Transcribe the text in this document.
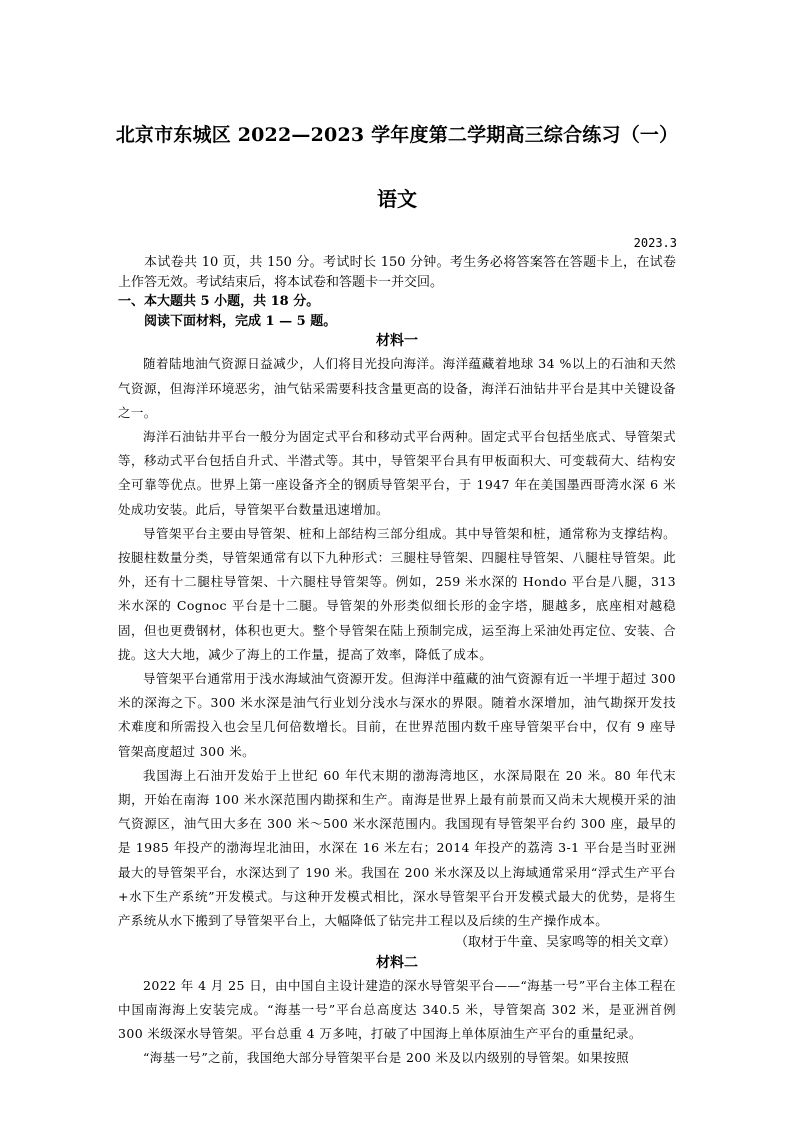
北京市东城区 2022—2023 学年度第二学期高三综合练习（一）
语文
2023.3

本试卷共 10 页，共 150 分。考试时长 150 分钟。考生务必将答案答在答题卡上，在试卷上作答无效。考试结束后，将本试卷和答题卡一并交回。

一、本大题共 5 小题，共 18 分。

阅读下面材料，完成 1 — 5 题。

材料一

随着陆地油气资源日益减少，人们将目光投向海洋。海洋蕴藏着地球 34 %以上的石油和天然气资源，但海洋环境恶劣，油气钻采需要科技含量更高的设备，海洋石油钻井平台是其中关键设备之一。

海洋石油钻井平台一般分为固定式平台和移动式平台两种。固定式平台包括坐底式、导管架式等，移动式平台包括自升式、半潜式等。其中，导管架平台具有甲板面积大、可变载荷大、结构安全可靠等优点。世界上第一座设备齐全的钢质导管架平台，于 1947 年在美国墨西哥湾水深 6 米处成功安装。此后，导管架平台数量迅速增加。

导管架平台主要由导管架、桩和上部结构三部分组成。其中导管架和桩，通常称为支撑结构。按腿柱数量分类，导管架通常有以下九种形式：三腿柱导管架、四腿柱导管架、八腿柱导管架。此外，还有十二腿柱导管架、十六腿柱导管架等。例如，259 米水深的 Hondo 平台是八腿，313 米水深的 Cognoc 平台是十二腿。导管架的外形类似细长形的金字塔，腿越多，底座相对越稳固，但也更费钢材，体积也更大。整个导管架在陆上预制完成，运至海上采油处再定位、安装、合拢。这大大地，减少了海上的工作量，提高了效率，降低了成本。

导管架平台通常用于浅水海域油气资源开发。但海洋中蕴藏的油气资源有近一半埋于超过 300 米的深海之下。300 米水深是油气行业划分浅水与深水的界限。随着水深增加，油气勘探开发技术难度和所需投入也会呈几何倍数增长。目前，在世界范围内数千座导管架平台中，仅有 9 座导管架高度超过 300 米。

我国海上石油开发始于上世纪 60 年代末期的渤海湾地区，水深局限在 20 米。80 年代末期，开始在南海 100 米水深范围内勘探和生产。南海是世界上最有前景而又尚未大规模开采的油气资源区，油气田大多在 300 米～500 米水深范围内。我国现有导管架平台约 300 座，最早的是 1985 年投产的渤海埕北油田，水深在 16 米左右；2014 年投产的荔湾 3-1 平台是当时亚洲最大的导管架平台，水深达到了 190 米。我国在 200 米水深及以上海域通常采用“浮式生产平台+水下生产系统”开发模式。与这种开发模式相比，深水导管架平台开发模式最大的优势，是将生产系统从水下搬到了导管架平台上，大幅降低了钻完井工程以及后续的生产操作成本。

（取材于牛童、吴家鸣等的相关文章）

材料二

2022 年 4 月 25 日，由中国自主设计建造的深水导管架平台——“海基一号”平台主体工程在中国南海海上安装完成。“海基一号”平台总高度达 340.5 米，导管架高 302 米，是亚洲首例 300 米级深水导管架。平台总重 4 万多吨，打破了中国海上单体原油生产平台的重量纪录。

“海基一号”之前，我国绝大部分导管架平台是 200 米及以内级别的导管架。如果按照
